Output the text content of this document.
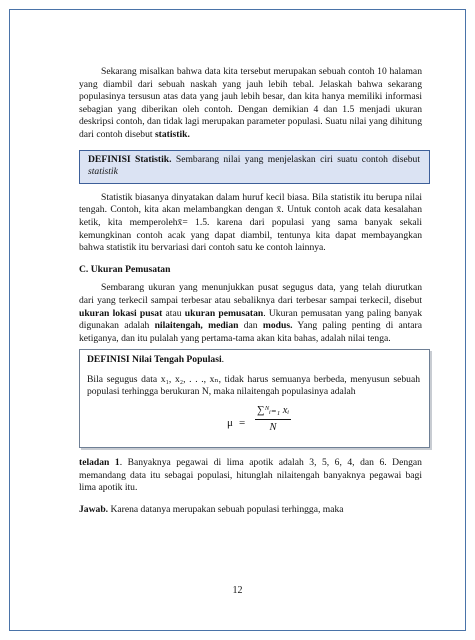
Sekarang misalkan bahwa data kita tersebut merupakan sebuah contoh 10 halaman yang diambil dari sebuah naskah yang jauh lebih tebal. Jelaskah bahwa sekarang populasinya tersusun atas data yang jauh lebih besar, dan kita hanya memiliki informasi sebagian yang diberikan oleh contoh. Dengan demikian 4 dan 1.5 menjadi ukuran deskripsi contoh, dan tidak lagi merupakan parameter populasi. Suatu nilai yang dihitung dari contoh disebut statistik.

DEFINISI Statistik. Sembarang nilai yang menjelaskan ciri suatu contoh disebut statistik

Statistik biasanya dinyatakan dalam huruf kecil biasa. Bila statistik itu berupa nilai tengah. Contoh, kita akan melambangkan dengan x̄. Untuk contoh acak data kesalahan ketik, kita memperolehx̄= 1.5. karena dari populasi yang sama banyak sekali kemungkinan contoh acak yang dapat diambil, tentunya kita dapat membayangkan bahwa statistik itu bervariasi dari contoh satu ke contoh lainnya.

C. Ukuran Pemusatan

Sembarang ukuran yang menunjukkan pusat segugus data, yang telah diurutkan dari yang terkecil sampai terbesar atau sebaliknya dari terbesar sampai terkecil, disebut ukuran lokasi pusat atau ukuran pemusatan. Ukuran pemusatan yang paling banyak digunakan adalah nilaitengah, median dan modus. Yang paling penting di antara ketiganya, dan itu pulalah yang pertama-tama akan kita bahas, adalah nilai tenga.

DEFINISI Nilai Tengah Populasi.

Bila segugus data x₁, x₂, . . ., xₙ, tidak harus semuanya berbeda, menyusun sebuah populasi terhingga berukuran N, maka nilaitengah populasinya adalah

$\mu = \frac{\text{∑ᴺᵢ₌₁ xᵢ}}{N}$

teladan 1. Banyaknya pegawai di lima apotik adalah 3, 5, 6, 4, dan 6. Dengan memandang data itu sebagai populasi, hitunglah nilaitengah banyaknya pegawai bagi lima apotik itu.

Jawab. Karena datanya merupakan sebuah populasi terhingga, maka

12
